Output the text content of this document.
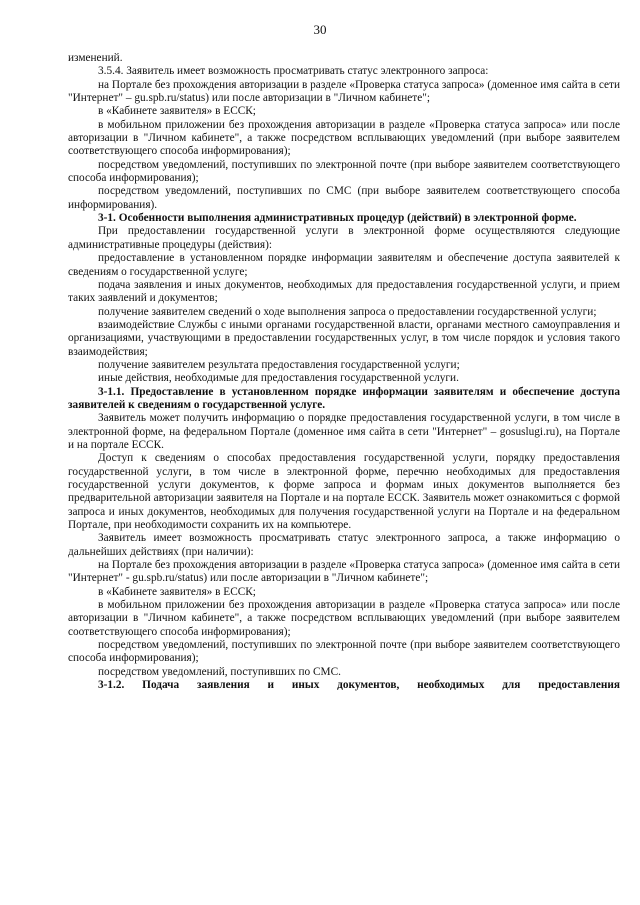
30

изменений.

3.5.4. Заявитель имеет возможность просматривать статус электронного запроса:

на Портале без прохождения авторизации в разделе «Проверка статуса запроса» (доменное имя сайта в сети "Интернет" – gu.spb.ru/status) или после авторизации в "Личном кабинете";

в «Кабинете заявителя» в ЕССК;

в мобильном приложении без прохождения авторизации в разделе «Проверка статуса запроса» или после авторизации в "Личном кабинете", а также посредством всплывающих уведомлений (при выборе заявителем соответствующего способа информирования);

посредством уведомлений, поступивших по электронной почте (при выборе заявителем соответствующего способа информирования);

посредством уведомлений, поступивших по СМС (при выборе заявителем соответствующего способа информирования).

3-1. Особенности выполнения административных процедур (действий) в электронной форме.

При предоставлении государственной услуги в электронной форме осуществляются следующие административные процедуры (действия):

предоставление в установленном порядке информации заявителям и обеспечение доступа заявителей к сведениям о государственной услуге;

подача заявления и иных документов, необходимых для предоставления государственной услуги, и прием таких заявлений и документов;

получение заявителем сведений о ходе выполнения запроса о предоставлении государственной услуги;

взаимодействие Службы с иными органами государственной власти, органами местного самоуправления и организациями, участвующими в предоставлении государственных услуг, в том числе порядок и условия такого взаимодействия;

получение заявителем результата предоставления государственной услуги;

иные действия, необходимые для предоставления государственной услуги.

3-1.1. Предоставление в установленном порядке информации заявителям и обеспечение доступа заявителей к сведениям о государственной услуге.

Заявитель может получить информацию о порядке предоставления государственной услуги, в том числе в электронной форме, на федеральном Портале (доменное имя сайта в сети "Интернет" – gosuslugi.ru), на Портале и на портале ЕССК.

Доступ к сведениям о способах предоставления государственной услуги, порядку предоставления государственной услуги, в том числе в электронной форме, перечню необходимых для предоставления государственной услуги документов, к форме запроса и формам иных документов выполняется без предварительной авторизации заявителя на Портале и на портале ЕССК. Заявитель может ознакомиться с формой запроса и иных документов, необходимых для получения государственной услуги на Портале и на федеральном Портале, при необходимости сохранить их на компьютере.

Заявитель имеет возможность просматривать статус электронного запроса, а также информацию о дальнейших действиях (при наличии):

на Портале без прохождения авторизации в разделе «Проверка статуса запроса» (доменное имя сайта в сети "Интернет" - gu.spb.ru/status) или после авторизации в "Личном кабинете";

в «Кабинете заявителя» в ЕССК;

в мобильном приложении без прохождения авторизации в разделе «Проверка статуса запроса» или после авторизации в "Личном кабинете", а также посредством всплывающих уведомлений (при выборе заявителем соответствующего способа информирования);

посредством уведомлений, поступивших по электронной почте (при выборе заявителем соответствующего способа информирования);

посредством уведомлений, поступивших по СМС.

3-1.2. Подача заявления и иных документов, необходимых для предоставления
